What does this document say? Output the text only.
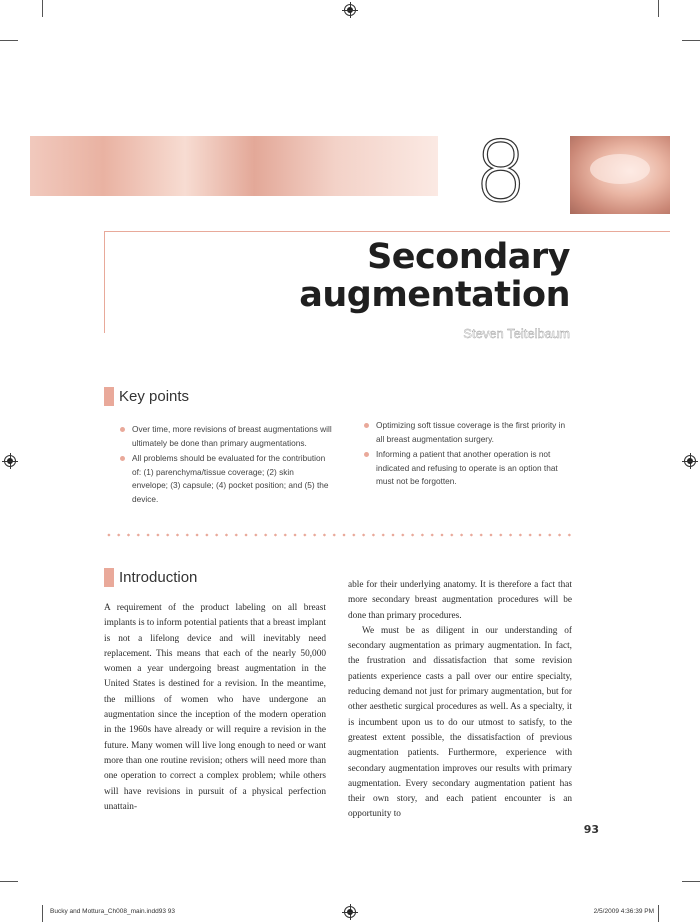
8
Secondary
augmentation
Steven Teitelbaum
Key points
Over time, more revisions of breast augmentations will ultimately be done than primary augmentations.
All problems should be evaluated for the contribution of: (1) parenchyma/tissue coverage; (2) skin envelope; (3) capsule; (4) pocket position; and (5) the device.
Optimizing soft tissue coverage is the first priority in all breast augmentation surgery.
Informing a patient that another operation is not indicated and refusing to operate is an option that must not be forgotten.
Introduction

A requirement of the product labeling on all breast implants is to inform potential patients that a breast implant is not a lifelong device and will inevitably need replacement. This means that each of the nearly 50,000 women a year undergoing breast augmentation in the United States is destined for a revision. In the meantime, the millions of women who have undergone an augmentation since the inception of the modern operation in the 1960s have already or will require a revision in the future. Many women will live long enough to need or want more than one routine revision; others will need more than one operation to correct a complex problem; while others will have revisions in pursuit of a physical perfection unattain-

able for their underlying anatomy. It is therefore a fact that more secondary breast augmentation procedures will be done than primary procedures.

We must be as diligent in our understanding of secondary augmentation as primary augmentation. In fact, the frustration and dissatisfaction that some revision patients experience casts a pall over our entire specialty, reducing demand not just for primary augmentation, but for other aesthetic surgical procedures as well. As a specialty, it is incumbent upon us to do our utmost to satisfy, to the greatest extent possible, the dissatisfaction of previous augmentation patients. Furthermore, experience with secondary augmentation improves our results with primary augmentation. Every secondary augmentation patient has their own story, and each patient encounter is an opportunity to

93
Bucky and Mottura_Ch008_main.indd93 93	2/5/2009 4:36:39 PM
